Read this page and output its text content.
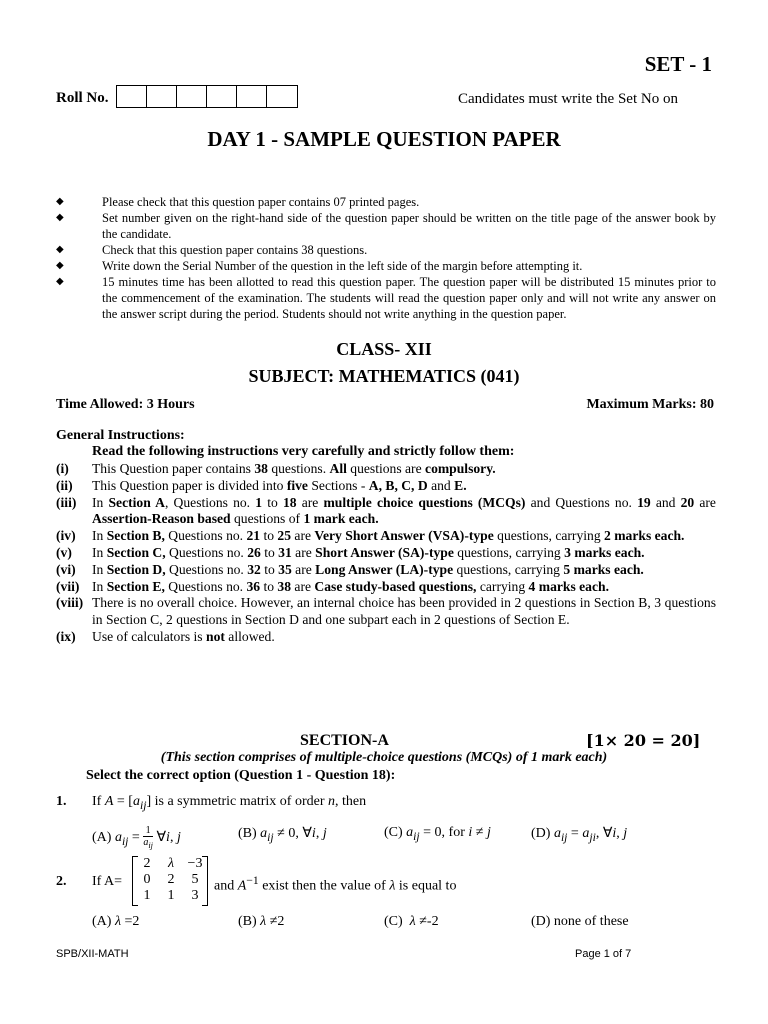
SET - 1
Roll No.	Candidates must write the Set No on
DAY 1 - SAMPLE QUESTION PAPER
◆	Please check that this question paper contains 07 printed pages.
◆	Set number given on the right-hand side of the question paper should be written on the title page of the answer book by the candidate.
◆	Check that this question paper contains 38 questions.
◆	Write down the Serial Number of the question in the left side of the margin before attempting it.
◆	15 minutes time has been allotted to read this question paper. The question paper will be distributed 15 minutes prior to the commencement of the examination. The students will read the question paper only and will not write any answer on the answer script during the period. Students should not write anything in the question paper.
CLASS- XII
SUBJECT: MATHEMATICS (041)
Time Allowed: 3 Hours	Maximum Marks: 80
General Instructions:
Read the following instructions very carefully and strictly follow them:
(i)	This Question paper contains 38 questions. All questions are compulsory.
(ii)	This Question paper is divided into five Sections - A, B, C, D and E.
(iii)	In Section A, Questions no. 1 to 18 are multiple choice questions (MCQs) and Questions no. 19 and 20 are Assertion-Reason based questions of 1 mark each.
(iv)	In Section B, Questions no. 21 to 25 are Very Short Answer (VSA)-type questions, carrying 2 marks each.
(v)	In Section C, Questions no. 26 to 31 are Short Answer (SA)-type questions, carrying 3 marks each.
(vi)	In Section D, Questions no. 32 to 35 are Long Answer (LA)-type questions, carrying 5 marks each.
(vii) In Section E, Questions no. 36 to 38 are Case study-based questions, carrying 4 marks each.
(viii) There is no overall choice. However, an internal choice has been provided in 2 questions in Section B, 3 questions in Section C, 2 questions in Section D and one subpart each in 2 questions of Section E.
(ix)	Use of calculators is not allowed.
SECTION-A	[1× 20 = 20]
(This section comprises of multiple-choice questions (MCQs) of 1 mark each)
Select the correct option (Question 1 - Question 18):
1. If $A = [a_{ij}]$ is a symmetric matrix of order n, then
(A) $a_{ij} = \frac{1}{a_{ij}}$ ∀i, j	(B) $a_{ij} \ne 0$, ∀i, j	(C) $a_{ij} = 0$, for i ≠ j	(D) $a_{ij} = a_{ji}$, ∀i, j
2. If A=
2	λ −3
0	2	5
1	1	3
and $A^{-1}$ exist then the value of λ is equal to
(A) λ =2	(B) λ ≠2	(C)  λ ≠-2	(D) none of these
SPB/XII-MATH	Page 1 of 7
